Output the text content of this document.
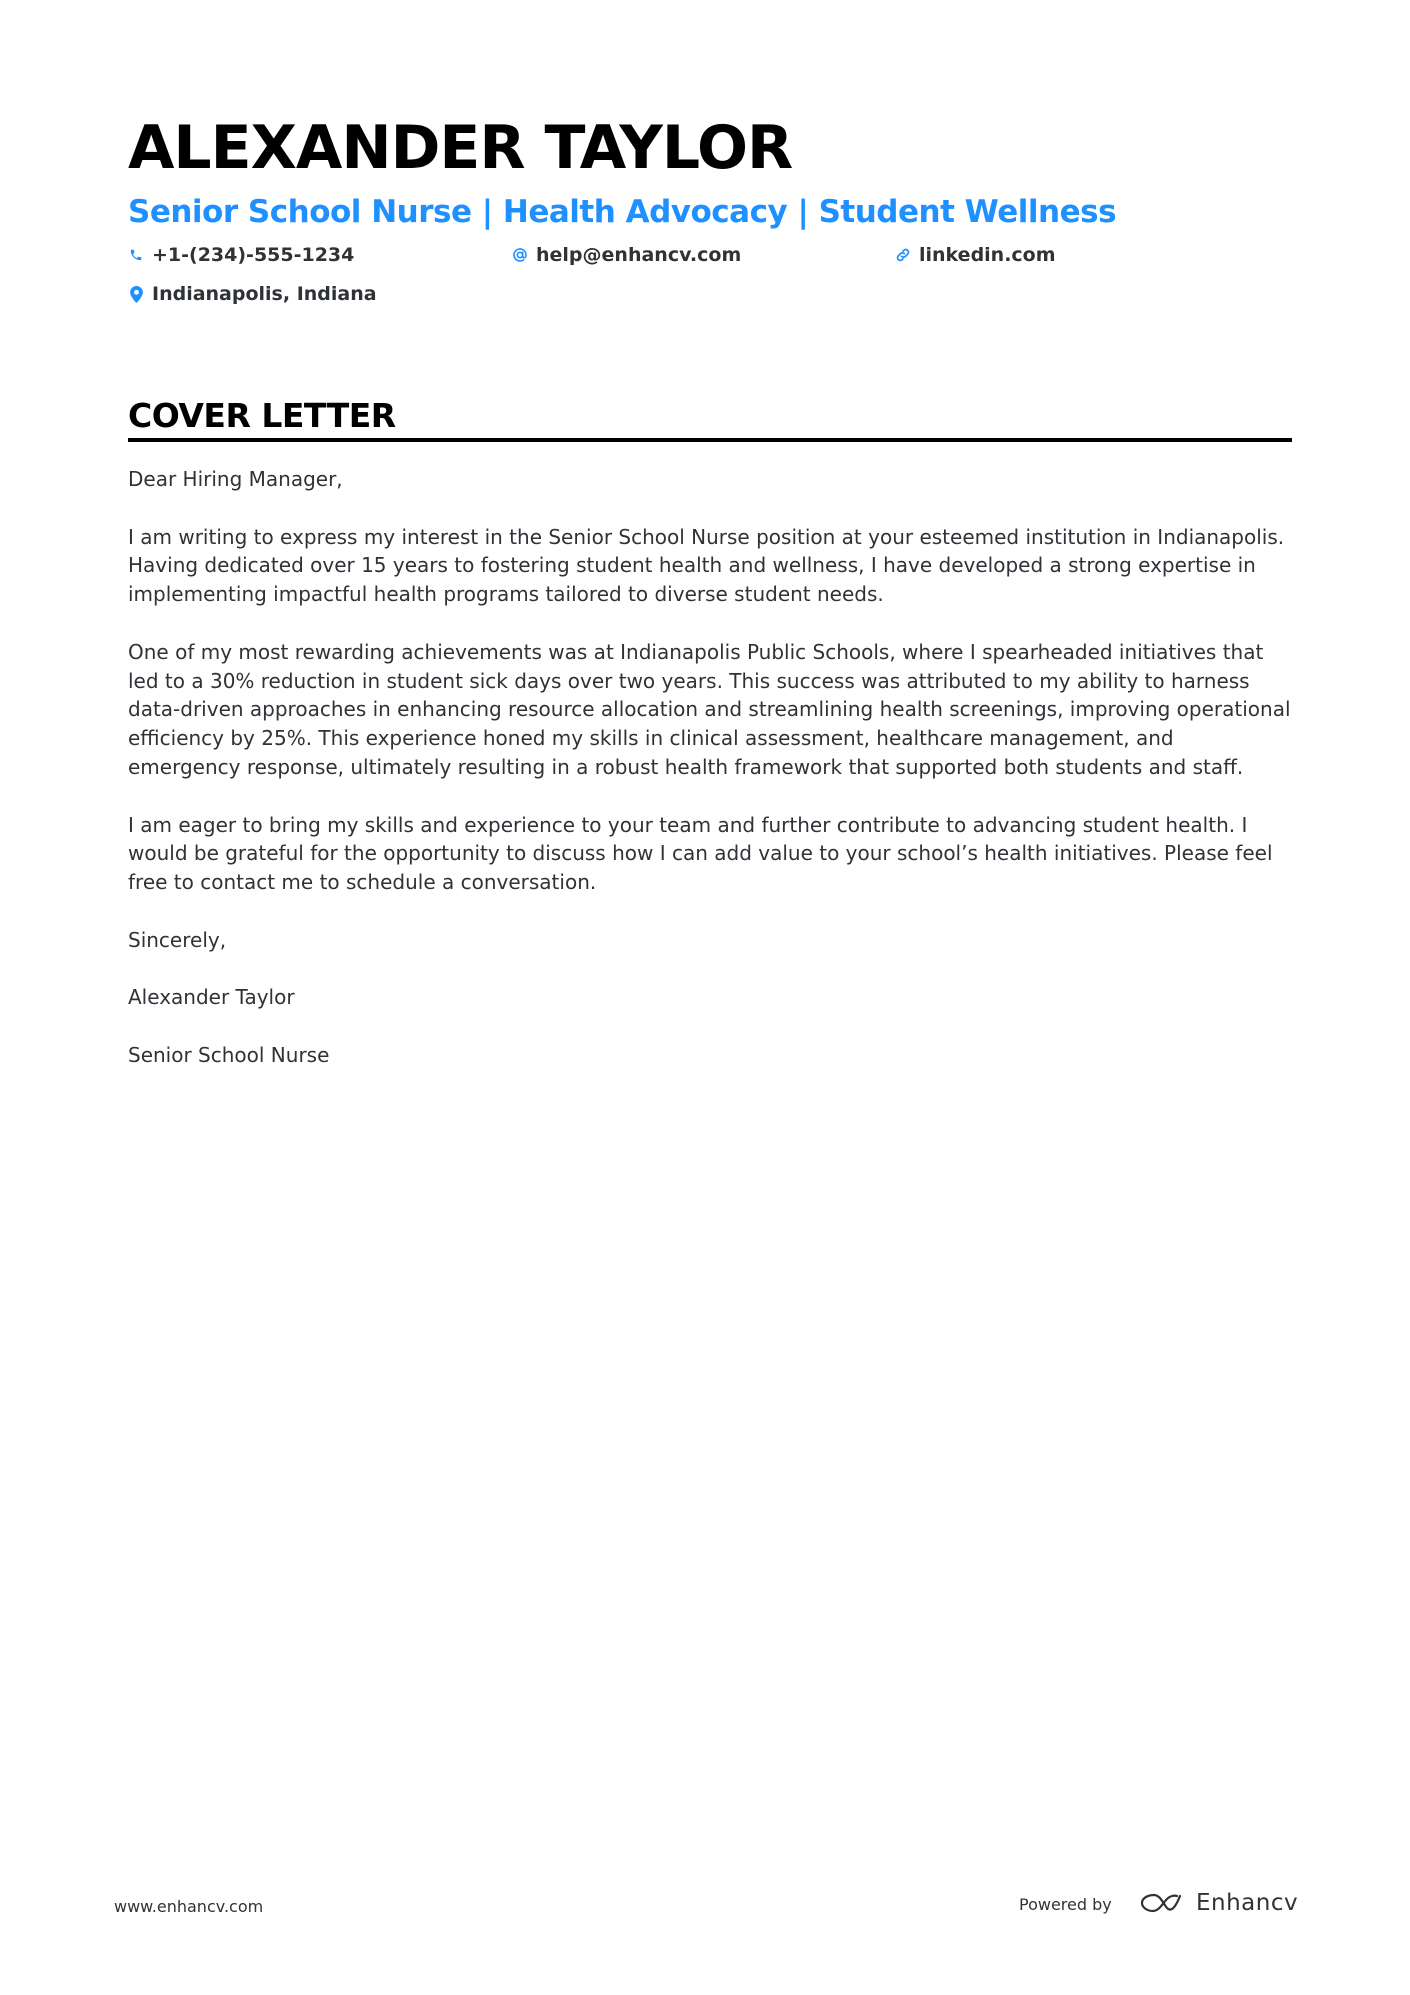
ALEXANDER TAYLOR
Senior School Nurse | Health Advocacy | Student Wellness
+1-(234)-555-1234	help@enhancv.com	linkedin.com
Indianapolis, Indiana
COVER LETTER

Dear Hiring Manager,

I am writing to express my interest in the Senior School Nurse position at your esteemed institution in Indianapolis. Having dedicated over 15 years to fostering student health and wellness, I have developed a strong expertise in implementing impactful health programs tailored to diverse student needs.

One of my most rewarding achievements was at Indianapolis Public Schools, where I spearheaded initiatives that led to a 30% reduction in student sick days over two years. This success was attributed to my ability to harness data-driven approaches in enhancing resource allocation and streamlining health screenings, improving operational efficiency by 25%. This experience honed my skills in clinical assessment, healthcare management, and emergency response, ultimately resulting in a robust health framework that supported both students and staff.

I am eager to bring my skills and experience to your team and further contribute to advancing student health. I would be grateful for the opportunity to discuss how I can add value to your school’s health initiatives. Please feel free to contact me to schedule a conversation.

Sincerely,

Alexander Taylor

Senior School Nurse

www.enhancv.com	Powered by	Enhancv
